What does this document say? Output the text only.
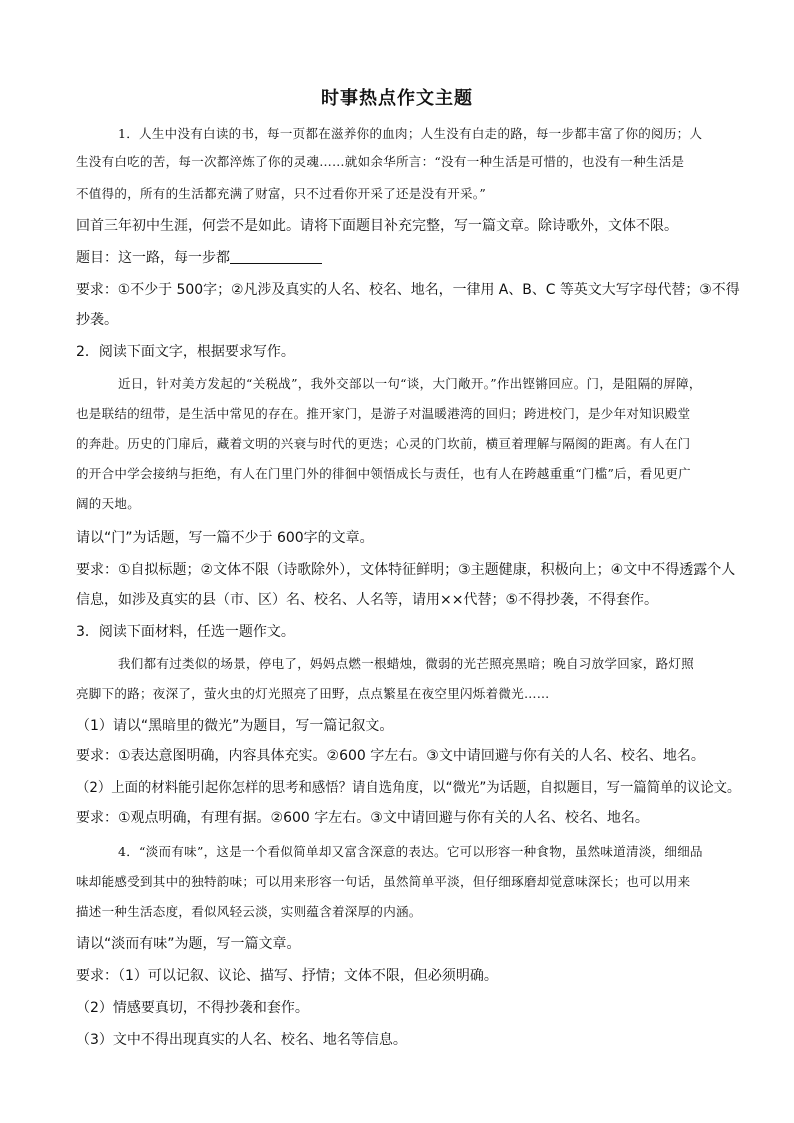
时事热点作文主题
1．人生中没有白读的书，每一页都在滋养你的血肉；人生没有白走的路，每一步都丰富了你的阅历；人
生没有白吃的苦，每一次都淬炼了你的灵魂……就如余华所言：“没有一种生活是可惜的，也没有一种生活是
不值得的，所有的生活都充满了财富，只不过看你开采了还是没有开采。”
回首三年初中生涯，何尝不是如此。请将下面题目补充完整，写一篇文章。除诗歌外，文体不限。
题目：这一路，每一步都
要求：①不少于 500字；②凡涉及真实的人名、校名、地名，一律用 A、B、C 等英文大写字母代替；③不得
抄袭。
2．阅读下面文字，根据要求写作。
近日，针对美方发起的“关税战”，我外交部以一句“谈，大门敞开。”作出铿锵回应。门，是阻隔的屏障，
也是联结的纽带，是生活中常见的存在。推开家门，是游子对温暖港湾的回归；跨进校门，是少年对知识殿堂
的奔赴。历史的门扉后，藏着文明的兴衰与时代的更迭；心灵的门坎前，横亘着理解与隔阂的距离。有人在门
的开合中学会接纳与拒绝，有人在门里门外的徘徊中领悟成长与责任，也有人在跨越重重“门槛”后，看见更广
阔的天地。
请以“门”为话题，写一篇不少于 600字的文章。
要求：①自拟标题；②文体不限（诗歌除外），文体特征鲜明；③主题健康，积极向上；④文中不得透露个人
信息，如涉及真实的县（市、区）名、校名、人名等，请用××代替；⑤不得抄袭，不得套作。
3．阅读下面材料，任选一题作文。
我们都有过类似的场景，停电了，妈妈点燃一根蜡烛，微弱的光芒照亮黑暗；晚自习放学回家，路灯照
亮脚下的路；夜深了，萤火虫的灯光照亮了田野，点点繁星在夜空里闪烁着微光……
（1）请以“黑暗里的微光”为题目，写一篇记叙文。
要求：①表达意图明确，内容具体充实。②600 字左右。③文中请回避与你有关的人名、校名、地名。
（2）上面的材料能引起你怎样的思考和感悟？请自选角度，以“微光”为话题，自拟题目，写一篇简单的议论文。
要求：①观点明确，有理有据。②600 字左右。③文中请回避与你有关的人名、校名、地名。
4．“淡而有味”，这是一个看似简单却又富含深意的表达。它可以形容一种食物，虽然味道清淡，细细品
味却能感受到其中的独特韵味；可以用来形容一句话，虽然简单平淡，但仔细琢磨却觉意味深长；也可以用来
描述一种生活态度，看似风轻云淡，实则蕴含着深厚的内涵。
请以“淡而有味”为题，写一篇文章。
要求：（1）可以记叙、议论、描写、抒情；文体不限，但必须明确。
（2）情感要真切，不得抄袭和套作。
（3）文中不得出现真实的人名、校名、地名等信息。
